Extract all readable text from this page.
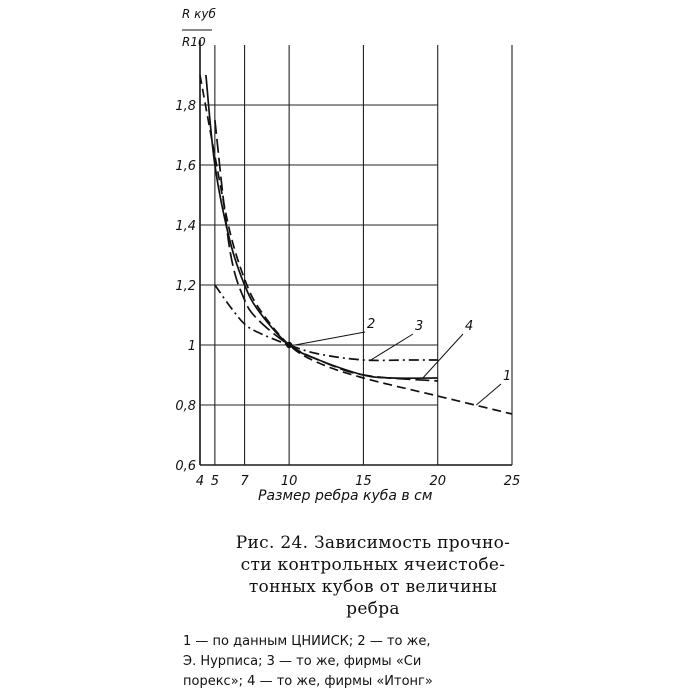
4 5 7 10	15	20	25
0,6
0,8
1
1,2
1,4
1,6
1,8
1
2	3	4
R куб
R10
Размер ребра куба в см
Рис. 24. Зависимость прочно-
сти контрольных ячеистобе-
тонных кубов от величины
ребра
1 — по данным ЦНИИСК; 2 — то же,
Э. Нурписа; 3 — то же, фирмы «Си
порекс»; 4 — то же, фирмы «Итонг»
